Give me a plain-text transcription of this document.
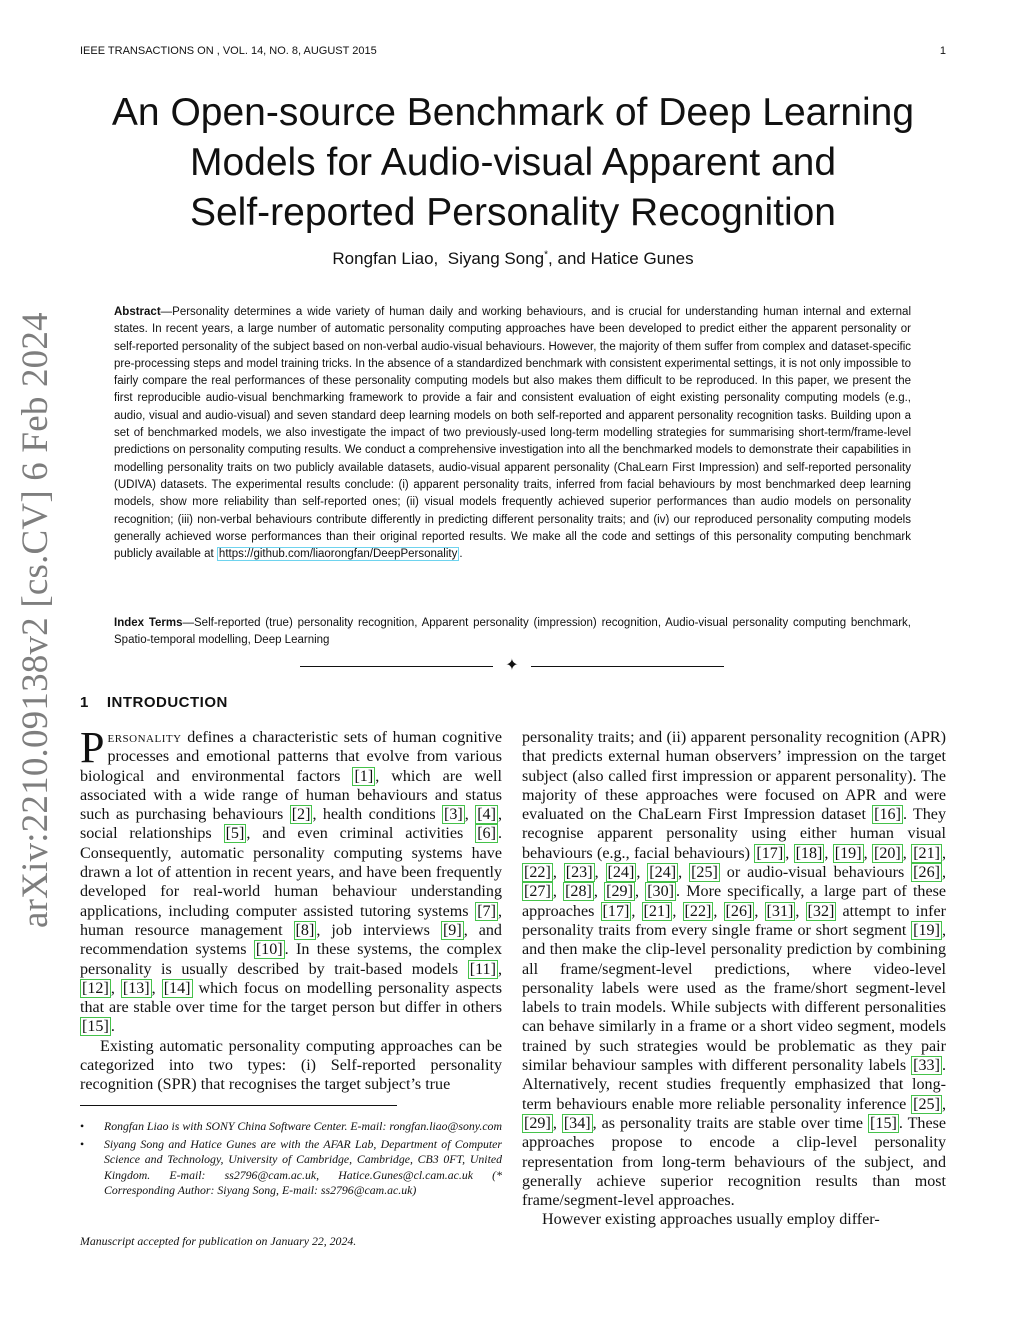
IEEE TRANSACTIONS ON , VOL. 14, NO. 8, AUGUST 2015	1
arXiv:2210.09138v2 [cs.CV] 6 Feb 2024
An Open-source Benchmark of Deep Learning
Models for Audio-visual Apparent and
Self-reported Personality Recognition
Rongfan Liao, Siyang Song*, and Hatice Gunes
Abstract—Personality determines a wide variety of human daily and working behaviours, and is crucial for understanding human internal and external states. In recent years, a large number of automatic personality computing approaches have been developed to predict either the apparent personality or self-reported personality of the subject based on non-verbal audio-visual behaviours. However, the majority of them suffer from complex and dataset-specific pre-processing steps and model training tricks. In the absence of a standardized benchmark with consistent experimental settings, it is not only impossible to fairly compare the real performances of these personality computing models but also makes them difficult to be reproduced. In this paper, we present the first reproducible audio-visual benchmarking framework to provide a fair and consistent evaluation of eight existing personality computing models (e.g., audio, visual and audio-visual) and seven standard deep learning models on both self-reported and apparent personality recognition tasks. Building upon a set of benchmarked models, we also investigate the impact of two previously-used long-term modelling strategies for summarising short-term/frame-level predictions on personality computing results. We conduct a comprehensive investigation into all the benchmarked models to demonstrate their capabilities in modelling personality traits on two publicly available datasets, audio-visual apparent personality (ChaLearn First Impression) and self-reported personality (UDIVA) datasets. The experimental results conclude: (i) apparent personality traits, inferred from facial behaviours by most benchmarked deep learning models, show more reliability than self-reported ones; (ii) visual models frequently achieved superior performances than audio models on personality recognition; (iii) non-verbal behaviours contribute differently in predicting different personality traits; and (iv) our reproduced personality computing models generally achieved worse performances than their original reported results. We make all the code and settings of this personality computing benchmark publicly available at https://github.com/liaorongfan/DeepPersonality .
Index Terms—Self-reported (true) personality recognition, Apparent personality (impression) recognition, Audio-visual personality computing benchmark, Spatio-temporal modelling, Deep Learning
✦
1 INTRODUCTION

Personality defines a characteristic sets of human cognitive processes and emotional patterns that evolve from various biological and environmental factors [1] , which are well associated with a wide range of human behaviours and status such as purchasing behaviours [2] , health conditions [3] , [4] , social relationships [5] , and even criminal activities [6] . Consequently, automatic personality computing systems have drawn a lot of attention in recent years, and have been frequently developed for real-world human behaviour understanding applications, including computer assisted tutoring systems [7] , human resource management [8] , job interviews [9] , and recommendation systems [10] . In these systems, the complex personality is usually described by trait-based models [11] , [12] , [13] , [14] which focus on modelling personality aspects that are stable over time for the target person but differ in others [15] .

Existing automatic personality computing approaches can be categorized into two types: (i) Self-reported personality recognition (SPR) that recognises the target subject’s true

personality traits; and (ii) apparent personality recognition (APR) that predicts external human observers’ impression on the target subject (also called first impression or apparent personality). The majority of these approaches were focused on APR and were evaluated on the ChaLearn First Impression dataset [16] . They recognise apparent personality using either human visual behaviours (e.g., facial behaviours) [17] , [18] , [19] , [20] , [21] , [22] , [23] , [24] , [24] , [25] or audio-visual behaviours [26] , [27] , [28] , [29] , [30] . More specifically, a large part of these approaches [17] , [21] , [22] , [26] , [31] , [32] attempt to infer personality traits from every single frame or short segment [19] , and then make the clip-level personality prediction by combining all frame/segment-level predictions, where video-level personality labels were used as the frame/short segment-level labels to train models. While subjects with different personalities can behave similarly in a frame or a short video segment, models trained by such strategies would be problematic as they pair similar behaviour samples with different personality labels [33] . Alternatively, recent studies frequently emphasized that long-term behaviours enable more reliable personality inference [25] , [29] , [34] , as personality traits are stable over time [15] . These approaches propose to encode a clip-level personality representation from long-term behaviours of the subject, and generally achieve superior recognition results than most frame/segment-level approaches.

However existing approaches usually employ differ-

• Rongfan Liao is with SONY China Software Center. E-mail: rongfan.liao@sony.com
• Siyang Song and Hatice Gunes are with the AFAR Lab, Department of Computer Science and Technology, University of Cambridge, Cambridge, CB3 0FT, United Kingdom. E-mail: ss2796@cam.ac.uk, Hatice.Gunes@cl.cam.ac.uk (* Corresponding Author: Siyang Song, E-mail: ss2796@cam.ac.uk)
Manuscript accepted for publication on January 22, 2024.
